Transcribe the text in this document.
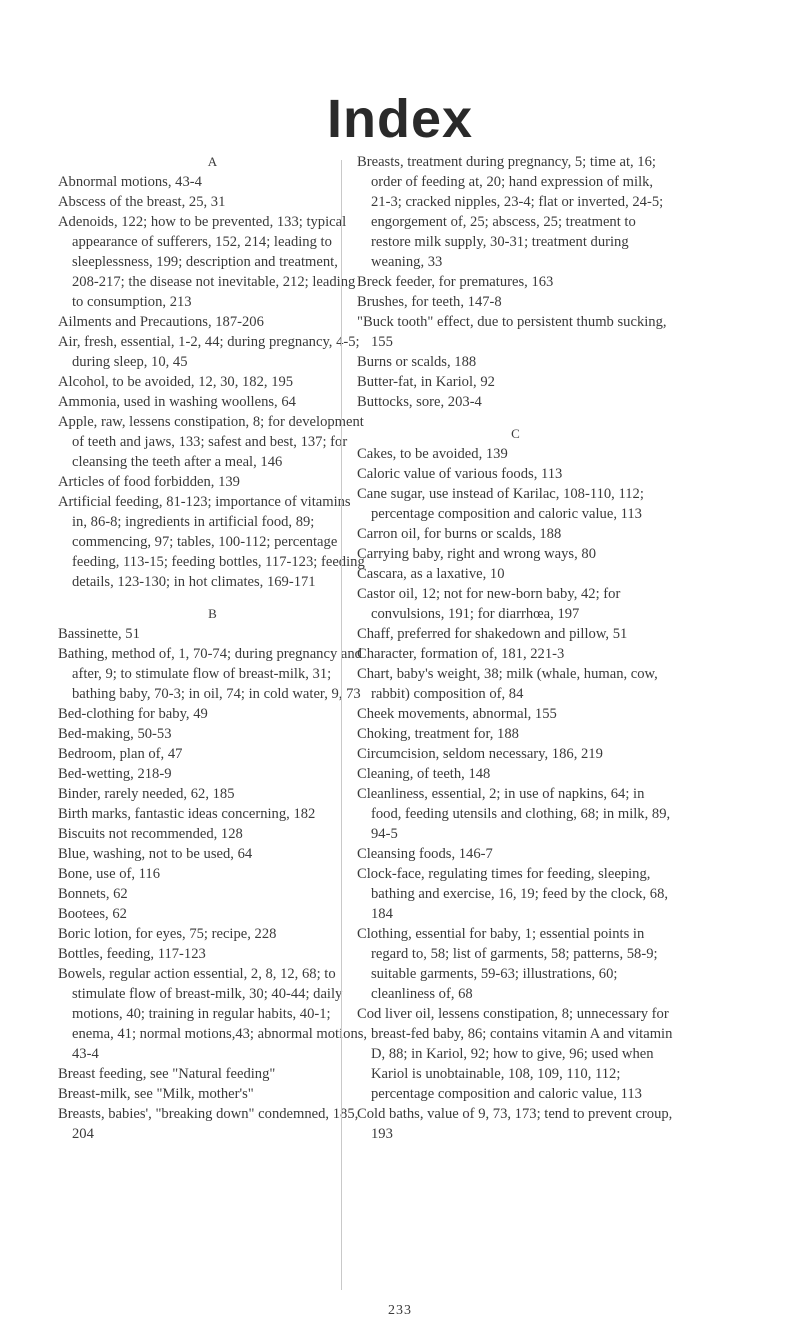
Index

A

Abnormal motions, 43-4

Abscess of the breast, 25, 31

Adenoids, 122; how to be prevented, 133; typical appearance of sufferers, 152, 214; leading to sleeplessness, 199; description and treatment, 208-217; the disease not inevitable, 212; leading to consumption, 213

Ailments and Precautions, 187-206

Air, fresh, essential, 1-2, 44; during pregnancy, 4-5; during sleep, 10, 45

Alcohol, to be avoided, 12, 30, 182, 195

Ammonia, used in washing woollens, 64

Apple, raw, lessens constipation, 8; for development of teeth and jaws, 133; safest and best, 137; for cleansing the teeth after a meal, 146

Articles of food forbidden, 139

Artificial feeding, 81-123; importance of vitamins in, 86-8; ingredients in artificial food, 89; commencing, 97; tables, 100-112; percentage feeding, 113-15; feeding bottles, 117-123; feeding details, 123-130; in hot climates, 169-171

B

Bassinette, 51

Bathing, method of, 1, 70-74; during pregnancy and after, 9; to stimulate flow of breast-milk, 31; bathing baby, 70-3; in oil, 74; in cold water, 9, 73

Bed-clothing for baby, 49

Bed-making, 50-53

Bedroom, plan of, 47

Bed-wetting, 218-9

Binder, rarely needed, 62, 185

Birth marks, fantastic ideas concerning, 182

Biscuits not recommended, 128

Blue, washing, not to be used, 64

Bone, use of, 116

Bonnets, 62

Bootees, 62

Boric lotion, for eyes, 75; recipe, 228

Bottles, feeding, 117-123

Bowels, regular action essential, 2, 8, 12, 68; to stimulate flow of breast-milk, 30; 40-44; daily motions, 40; training in regular habits, 40-1; enema, 41; normal motions,43; abnormal motions, 43-4

Breast feeding, see "Natural feeding"

Breast-milk, see "Milk, mother's"

Breasts, babies', "breaking down" condemned, 185, 204

Breasts, treatment during pregnancy, 5; time at, 16; order of feeding at, 20; hand expression of milk, 21-3; cracked nipples, 23-4; flat or inverted, 24-5; engorgement of, 25; abscess, 25; treatment to restore milk supply, 30-31; treatment during weaning, 33

Breck feeder, for prematures, 163

Brushes, for teeth, 147-8

"Buck tooth" effect, due to persistent thumb sucking, 155

Burns or scalds, 188

Butter-fat, in Kariol, 92

Buttocks, sore, 203-4

C

Cakes, to be avoided, 139

Caloric value of various foods, 113

Cane sugar, use instead of Karilac, 108-110, 112; percentage composition and caloric value, 113

Carron oil, for burns or scalds, 188

Carrying baby, right and wrong ways, 80

Cascara, as a laxative, 10

Castor oil, 12; not for new-born baby, 42; for convulsions, 191; for diarrhœa, 197

Chaff, preferred for shakedown and pillow, 51

Character, formation of, 181, 221-3

Chart, baby's weight, 38; milk (whale, human, cow, rabbit) composition of, 84

Cheek movements, abnormal, 155

Choking, treatment for, 188

Circumcision, seldom necessary, 186, 219

Cleaning, of teeth, 148

Cleanliness, essential, 2; in use of napkins, 64; in food, feeding utensils and clothing, 68; in milk, 89, 94-5

Cleansing foods, 146-7

Clock-face, regulating times for feeding, sleeping, bathing and exercise, 16, 19; feed by the clock, 68, 184

Clothing, essential for baby, 1; essential points in regard to, 58; list of garments, 58; patterns, 58-9; suitable garments, 59-63; illustrations, 60; cleanliness of, 68

Cod liver oil, lessens constipation, 8; unnecessary for breast-fed baby, 86; contains vitamin A and vitamin D, 88; in Kariol, 92; how to give, 96; used when Kariol is unobtainable, 108, 109, 110, 112; percentage composition and caloric value, 113

Cold baths, value of 9, 73, 173; tend to prevent croup, 193

233
